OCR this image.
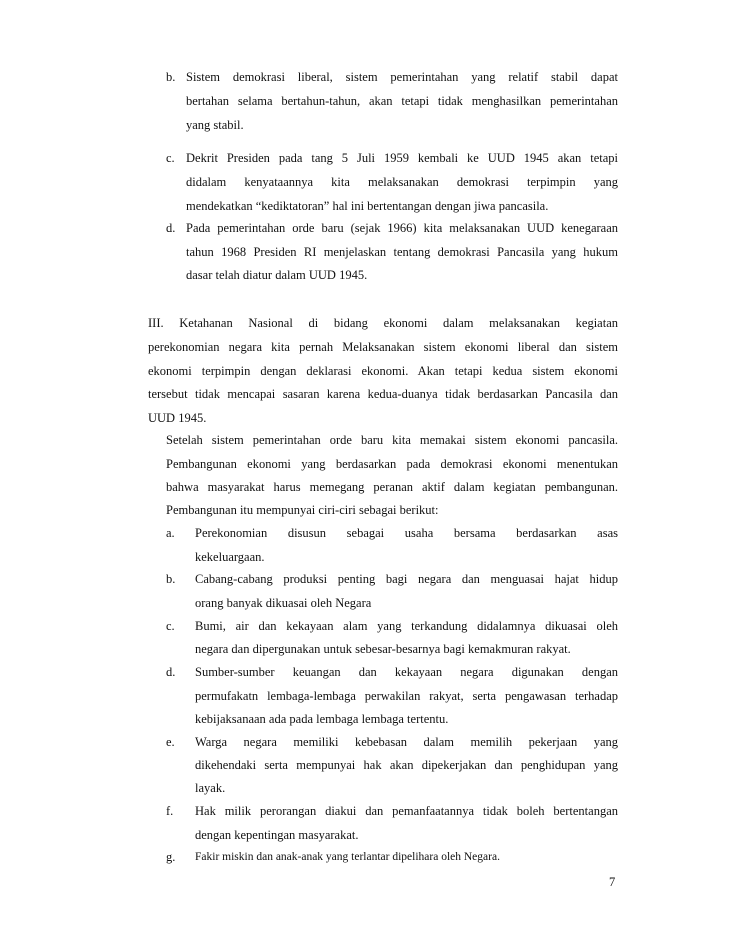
b. Sistem demokrasi liberal, sistem pemerintahan yang relatif stabil dapat

bertahan selama bertahun-tahun, akan tetapi tidak menghasilkan pemerintahan

yang stabil.

c. Dekrit Presiden pada tang 5 Juli 1959 kembali ke UUD 1945 akan tetapi

didalam kenyataannya kita melaksanakan demokrasi terpimpin yang

mendekatkan “kediktatoran” hal ini bertentangan dengan jiwa pancasila.

d. Pada pemerintahan orde baru (sejak 1966) kita melaksanakan UUD kenegaraan

tahun 1968 Presiden RI menjelaskan tentang demokrasi Pancasila yang hukum

dasar telah diatur dalam UUD 1945.

III. Ketahanan Nasional di bidang ekonomi dalam melaksanakan kegiatan

perekonomian negara kita pernah Melaksanakan sistem ekonomi liberal dan sistem

ekonomi terpimpin dengan deklarasi ekonomi. Akan tetapi kedua sistem ekonomi

tersebut tidak mencapai sasaran karena kedua-duanya tidak berdasarkan Pancasila dan

UUD 1945.

Setelah sistem pemerintahan orde baru kita memakai sistem ekonomi pancasila.

Pembangunan ekonomi yang berdasarkan pada demokrasi ekonomi menentukan

bahwa masyarakat harus memegang peranan aktif dalam kegiatan pembangunan.

Pembangunan itu mempunyai ciri-ciri sebagai berikut:

a. Perekonomian disusun sebagai usaha bersama berdasarkan asas

kekeluargaan.

b. Cabang-cabang produksi penting bagi negara dan menguasai hajat hidup

orang banyak dikuasai oleh Negara

c. Bumi, air dan kekayaan alam yang terkandung didalamnya dikuasai oleh

negara dan dipergunakan untuk sebesar-besarnya bagi kemakmuran rakyat.

d. Sumber-sumber keuangan dan kekayaan negara digunakan dengan

permufakatn lembaga-lembaga perwakilan rakyat, serta pengawasan terhadap

kebijaksanaan ada pada lembaga lembaga tertentu.

e. Warga negara memiliki kebebasan dalam memilih pekerjaan yang

dikehendaki serta mempunyai hak akan dipekerjakan dan penghidupan yang

layak.

f. Hak milik perorangan diakui dan pemanfaatannya tidak boleh bertentangan

dengan kepentingan masyarakat.

g. Fakir miskin dan anak-anak yang terlantar dipelihara oleh Negara.

7
